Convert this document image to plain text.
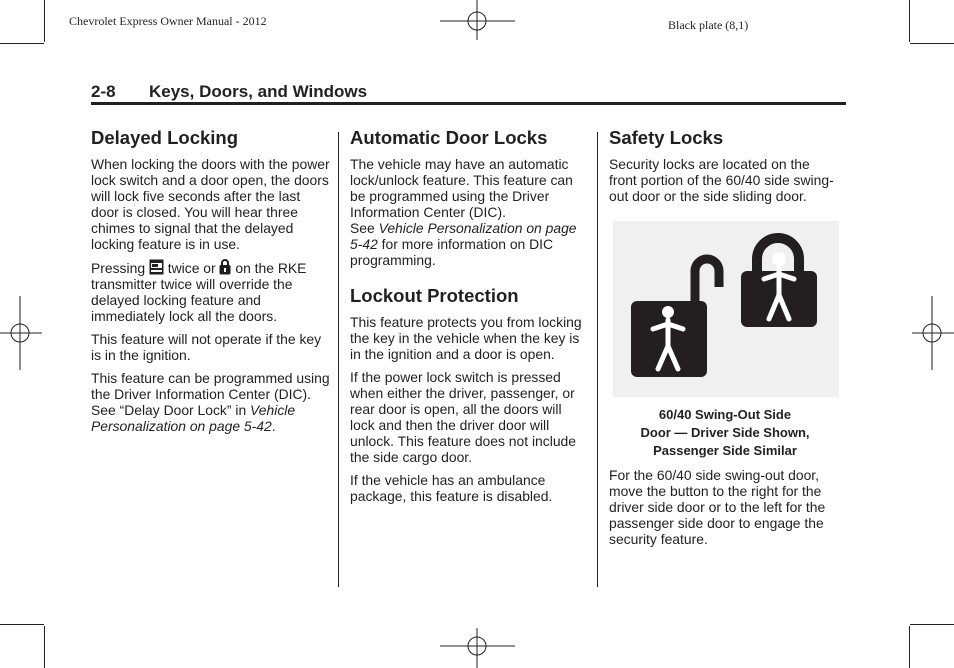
Chevrolet Express Owner Manual - 2012	Black plate (8,1)
2-8 Keys, Doors, and Windows
Delayed Locking

When locking the doors with the power lock switch and a door open, the doors will lock five seconds after the last door is closed. You will hear three chimes to signal that the delayed locking feature is in use.

Pressing twice or on the RKE transmitter twice will override the delayed locking feature and immediately lock all the doors.

This feature will not operate if the key is in the ignition.

This feature can be programmed using the Driver Information Center (DIC). See “Delay Door Lock” in Vehicle Personalization on page 5-42.

Automatic Door Locks

The vehicle may have an automatic lock/unlock feature. This feature can be programmed using the Driver Information Center (DIC).
See Vehicle Personalization on page 5-42 for more information on DIC programming.

Lockout Protection

This feature protects you from locking the key in the vehicle when the key is in the ignition and a door is open.

If the power lock switch is pressed when either the driver, passenger, or rear door is open, all the doors will lock and then the driver door will unlock. This feature does not include the side cargo door.

If the vehicle has an ambulance package, this feature is disabled.

Safety Locks

Security locks are located on the front portion of the 60/40 side swing-out door or the side sliding door.

60/40 Swing-Out Side
Door — Driver Side Shown,
Passenger Side Similar

For the 60/40 side swing-out door, move the button to the right for the driver side door or to the left for the passenger side door to engage the security feature.
